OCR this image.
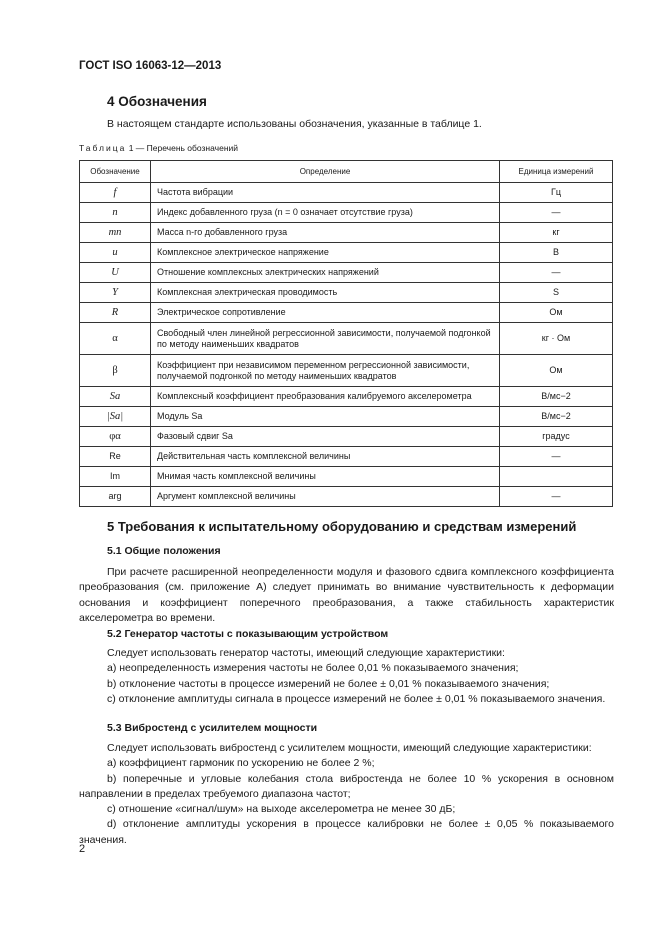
ГОСТ ISO 16063-12—2013
4 Обозначения
В настоящем стандарте использованы обозначения, указанные в таблице 1.
Таблица 1 — Перечень обозначений
Обозначение	Определение	Единица измерений
f	Частота вибрации	Гц
n	Индекс добавленного груза (n = 0 означает отсутствие груза)	—
mn	Масса n-го добавленного груза	кг
u	Комплексное электрическое напряжение	В
U	Отношение комплексных электрических напряжений	—
Y	Комплексная электрическая проводимость	S
R	Электрическое сопротивление	Ом
α	Свободный член линейной регрессионной зависимости, получаемой подгонкой по методу наименьших квадратов	кг · Ом
β	Коэффициент при независимом переменном регрессионной зависимости, получаемой подгонкой по методу наименьших квадратов	Ом
Sa	Комплексный коэффициент преобразования калибруемого акселерометра	В/мс−2
|Sa|	Модуль Sa	В/мс−2
φα	Фазовый сдвиг Sa	градус
Re	Действительная часть комплексной величины	—
Im	Мнимая часть комплексной величины	
arg	Аргумент комплексной величины	—
5 Требования к испытательному оборудованию и средствам измерений
5.1 Общие положения

При расчете расширенной неопределенности модуля и фазового сдвига комплексного коэффициента преобразования (см. приложение А) следует принимать во внимание чувствительность к деформации основания и коэффициент поперечного преобразования, а также стабильность характеристик акселерометра во времени.

5.2 Генератор частоты с показывающим устройством

Следует использовать генератор частоты, имеющий следующие характеристики:

a) неопределенность измерения частоты не более 0,01 % показываемого значения;

b) отклонение частоты в процессе измерений не более ± 0,01 % показываемого значения;

c) отклонение амплитуды сигнала в процессе измерений не более ± 0,01 % показываемого значения.

5.3 Вибростенд с усилителем мощности

Следует использовать вибростенд с усилителем мощности, имеющий следующие характеристики:

a) коэффициент гармоник по ускорению не более 2 %;

b) поперечные и угловые колебания стола вибростенда не более 10 % ускорения в основном направлении в пределах требуемого диапазона частот;

c) отношение «сигнал/шум» на выходе акселерометра не менее 30 дБ;

d) отклонение амплитуды ускорения в процессе калибровки не более ± 0,05 % показываемого значения.

2
